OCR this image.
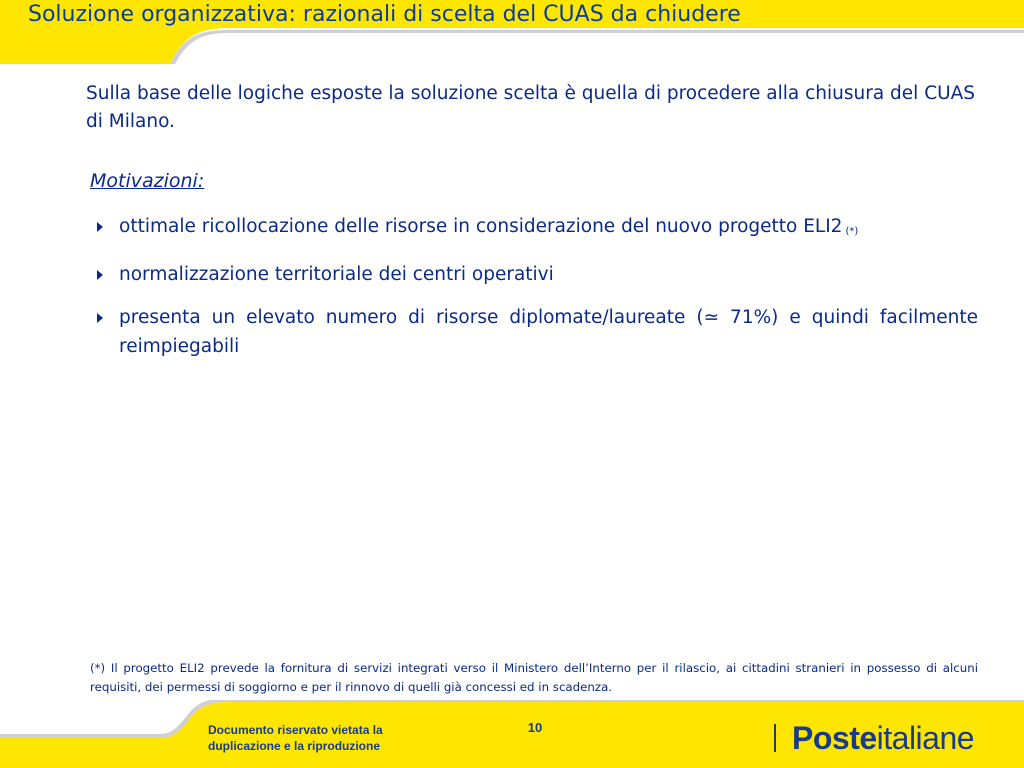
Soluzione organizzativa: razionali di scelta del CUAS da chiudere

Sulla base delle logiche esposte la soluzione scelta è quella di procedere alla chiusura del CUAS di Milano.

Motivazioni:
ottimale ricollocazione delle risorse in considerazione del nuovo progetto ELI2 (*)
normalizzazione territoriale dei centri operativi
presenta un elevato numero di risorse diplomate/laureate (≃ 71%) e quindi facilmente reimpiegabili

(*) Il progetto ELI2 prevede la fornitura di servizi integrati verso il Ministero dell’Interno per il rilascio, ai cittadini stranieri in possesso di alcuni requisiti, dei permessi di soggiorno e per il rinnovo di quelli già concessi ed in scadenza.

Documento riservato vietata la
duplicazione e la riproduzione

10	Posteitaliane
